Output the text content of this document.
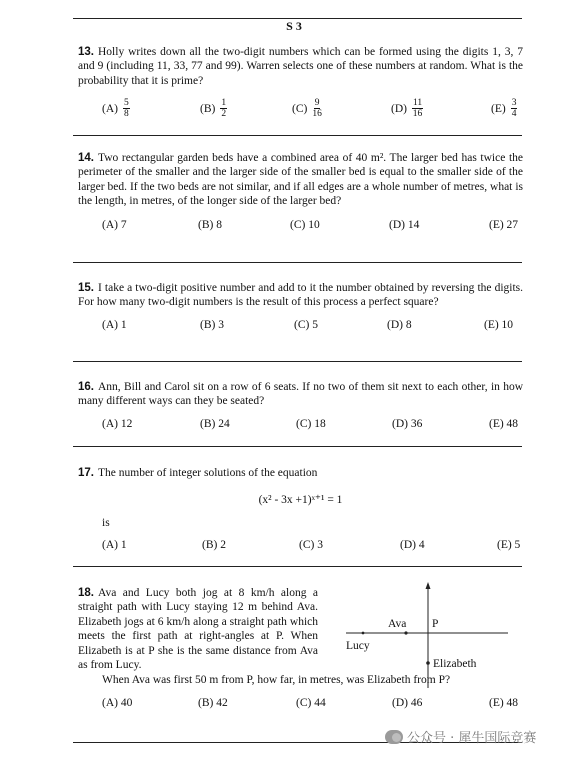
S 3
13. Holly writes down all the two-digit numbers which can be formed using the digits 1, 3, 7 and 9 (including 11, 33, 77 and 99). Warren selects one of these numbers at random. What is the probability that it is prime?
$(A) \frac{5}{8}$	$(B) \frac{1}{2}$	$(C) \frac{9}{16}$	$(D) \frac{11}{16}$	$(E) \frac{3}{4}$
14. Two rectangular garden beds have a combined area of 40 m². The larger bed has twice the perimeter of the smaller and the larger side of the smaller bed is equal to the smaller side of the larger bed. If the two beds are not similar, and if all edges are a whole number of metres, what is the length, in metres, of the longer side of the larger bed?
(A) 7	(B) 8	(C) 10	(D) 14	(E) 27
15. I take a two-digit positive number and add to it the number obtained by reversing the digits. For how many two-digit numbers is the result of this process a perfect square?
(A) 1	(B) 3	(C) 5	(D) 8	(E) 10
16. Ann, Bill and Carol sit on a row of 6 seats. If no two of them sit next to each other, in how many different ways can they be seated?
(A) 12	(B) 24	(C) 18	(D) 36	(E) 48
17. The number of integer solutions of the equation
(x² - 3x +1)ˣ⁺¹ = 1
is
(A) 1	(B) 2	(C) 3	(D) 4	(E) 5
18. Ava and Lucy both jog at 8 km/h along a straight path with Lucy staying 12 m behind Ava. Elizabeth jogs at 6 km/h along a straight path which meets the first path at right-angles at P. When Elizabeth is at P she is the same distance from Ava as from Lucy.
When Ava was first 50 m from P, how far, in metres, was Elizabeth from P?
(A) 40	(B) 42	(C) 44	(D) 46	(E) 48
Ava P
Lucy
Elizabeth
公众号 · 犀牛国际竞赛
